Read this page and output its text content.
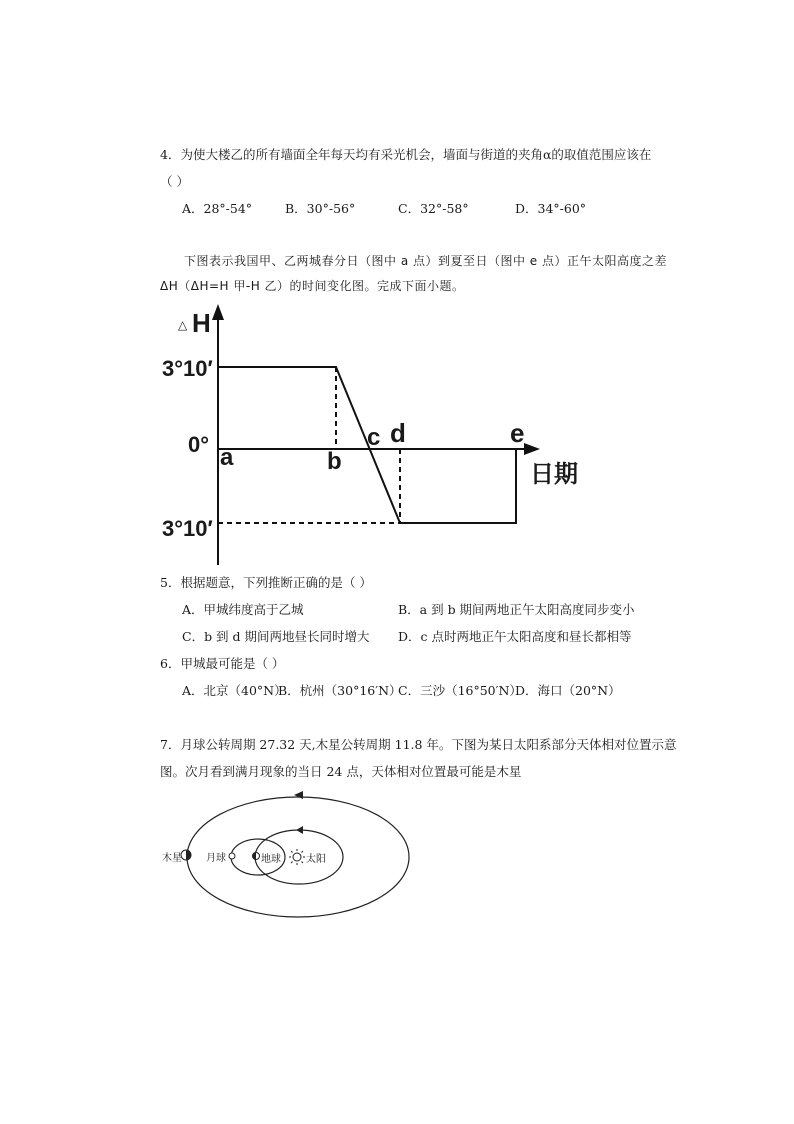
4．为使大楼乙的所有墙面全年每天均有采光机会，墙面与街道的夹角α的取值范围应该在
（ ）
A．28°-54°	B．30°-56°	C．32°-58°	D．34°-60°
下图表示我国甲、乙两城春分日（图中 a 点）到夏至日（图中 e 点）正午太阳高度之差
ΔH（ΔH=H 甲-H 乙）的时间变化图。完成下面小题。
△ H
3°10′
0°
3°10′
a	b
c d	e
日期
5．根据题意，下列推断正确的是（ ）
A．甲城纬度高于乙城	B．a 到 b 期间两地正午太阳高度同步变小
C．b 到 d 期间两地昼长同时增大 D．c 点时两地正午太阳高度和昼长都相等
6．甲城最可能是（ ）
A．北京（40°N）
B．杭州（30°16′N）
C．三沙（16°50′N）
D．海口（20°N）
7．月球公转周期 27.32 天,木星公转周期 11.8 年。下图为某日太阳系部分天体相对位置示意
图。次月看到满月现象的当日 24 点，天体相对位置最可能是木星
木星 月球	地球	太阳
